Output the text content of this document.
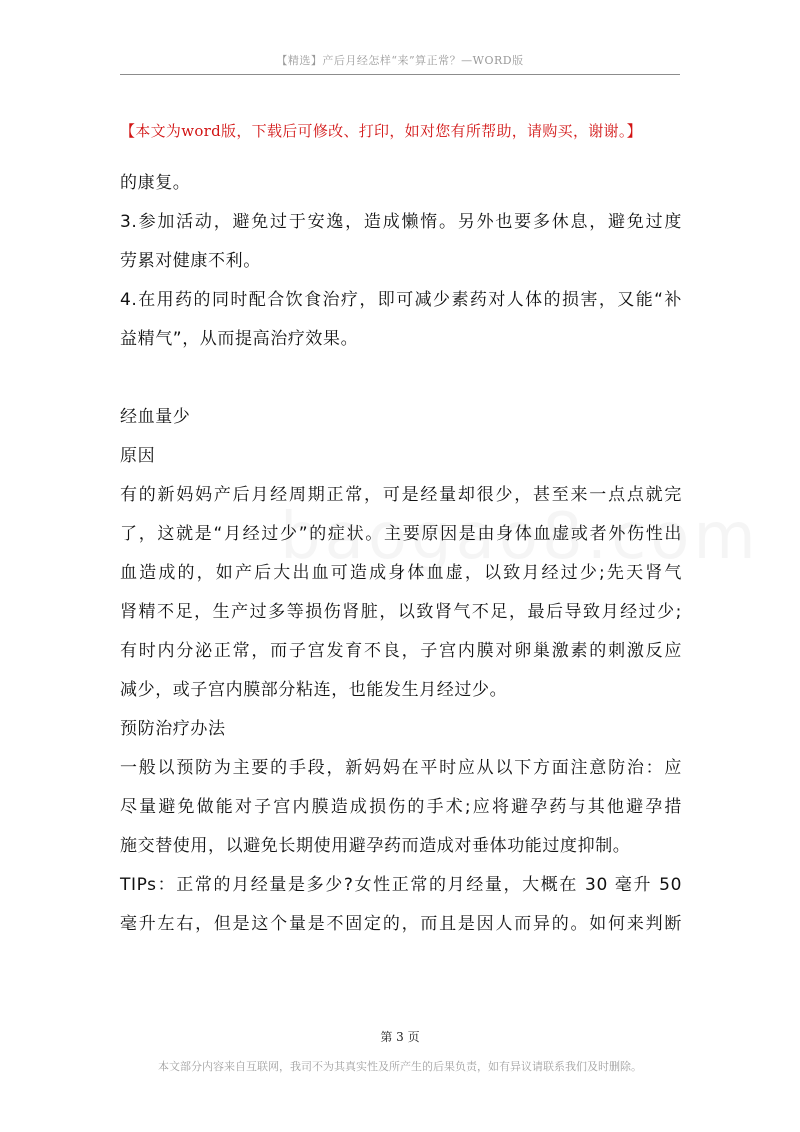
【精选】产后月经怎样“来”算正常？—WORD版
【本文为word版，下载后可修改、打印，如对您有所帮助，请购买，谢谢。】

的康复。

3.参加活动，避免过于安逸，造成懒惰。另外也要多休息，避免过度
劳累对健康不利。

4.在用药的同时配合饮食治疗，即可减少素药对人体的损害，又能“补
益精气”，从而提高治疗效果。

经血量少

原因

有的新妈妈产后月经周期正常，可是经量却很少，甚至来一点点就完
了，这就是“月经过少”的症状。主要原因是由身体血虚或者外伤性出
血造成的，如产后大出血可造成身体血虚，以致月经过少;先天肾气
肾精不足，生产过多等损伤肾脏，以致肾气不足，最后导致月经过少;
有时内分泌正常，而子宫发育不良，子宫内膜对卵巢激素的刺激反应
减少，或子宫内膜部分粘连，也能发生月经过少。

预防治疗办法

一般以预防为主要的手段，新妈妈在平时应从以下方面注意防治：应
尽量避免做能对子宫内膜造成损伤的手术;应将避孕药与其他避孕措
施交替使用，以避免长期使用避孕药而造成对垂体功能过度抑制。

TIPs：正常的月经量是多少?女性正常的月经量，大概在 30 毫升 50
毫升左右，但是这个量是不固定的，而且是因人而异的。如何来判断

第 3 页
本文部分内容来自互联网，我司不为其真实性及所产生的后果负责，如有异议请联系我们及时删除。
